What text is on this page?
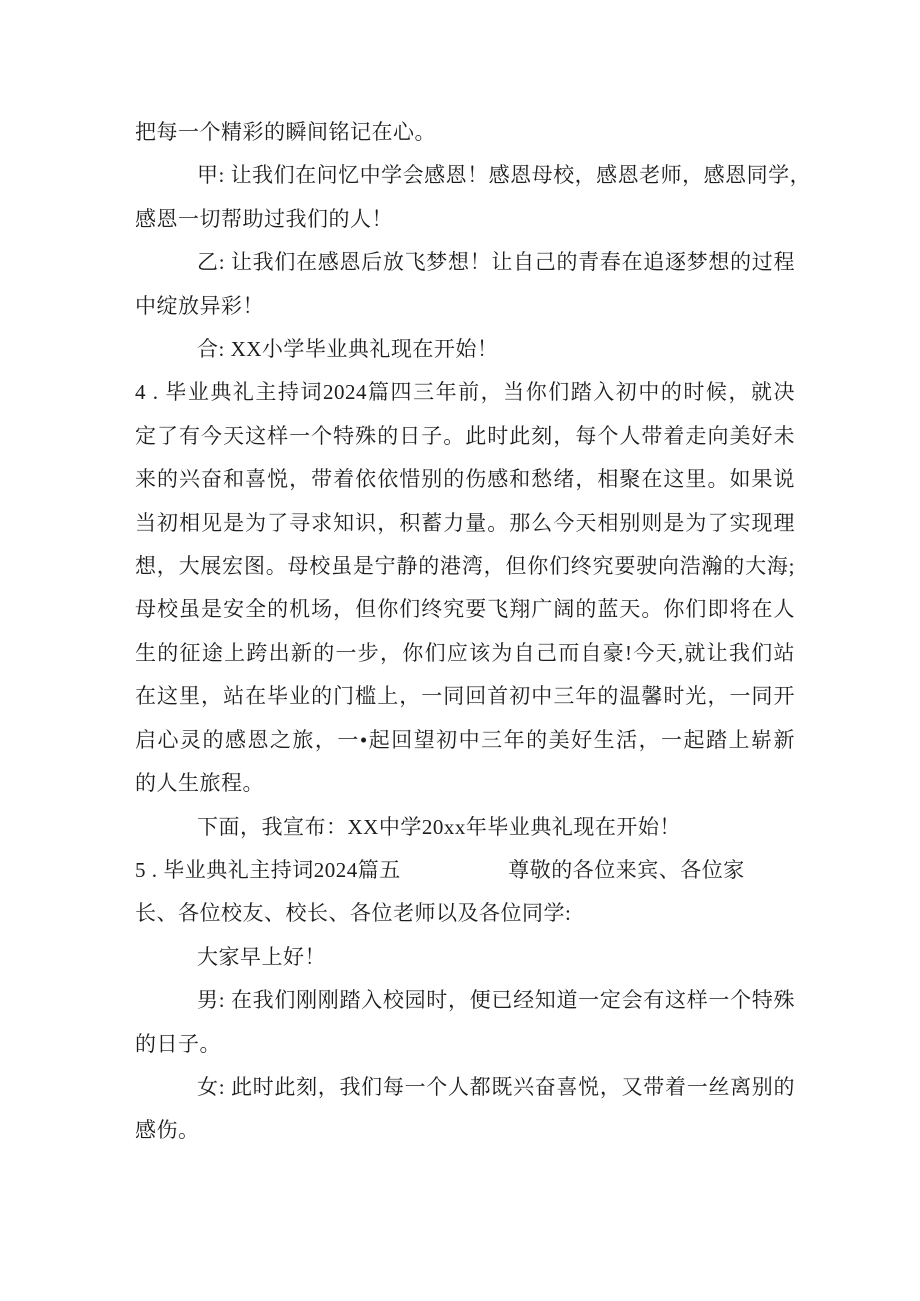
把每一个精彩的瞬间铭记在心。
甲: 让我们在问忆中学会感恩！感恩母校，感恩老师，感恩同学，
感恩一切帮助过我们的人！
乙: 让我们在感恩后放飞梦想！让自己的青春在追逐梦想的过程
中绽放异彩！
合: XX小学毕业典礼现在开始！
4 . 毕业典礼主持词2024篇四三年前，当你们踏入初中的时候，就决
定了有今天这样一个特殊的日子。此时此刻，每个人带着走向美好未
来的兴奋和喜悦，带着依依惜别的伤感和愁绪，相聚在这里。如果说
当初相见是为了寻求知识，积蓄力量。那么今天相别则是为了实现理
想，大展宏图。母校虽是宁静的港湾，但你们终究要驶向浩瀚的大海;
母校虽是安全的机场，但你们终究要飞翔广阔的蓝天。你们即将在人
生的征途上跨出新的一步，你们应该为自己而自豪!今天,就让我们站
在这里，站在毕业的门槛上，一同回首初中三年的温馨时光，一同开
启心灵的感恩之旅，一•起回望初中三年的美好生活，一起踏上崭新
的人生旅程。
下面，我宣布：XX中学20xx年毕业典礼现在开始！
5 . 毕业典礼主持词2024篇五　　　　　尊敬的各位来宾、各位家
长、各位校友、校长、各位老师以及各位同学:
大家早上好！
男: 在我们刚刚踏入校园时，便已经知道一定会有这样一个特殊
的日子。
女: 此时此刻，我们每一个人都既兴奋喜悦，又带着一丝离别的
感伤。
